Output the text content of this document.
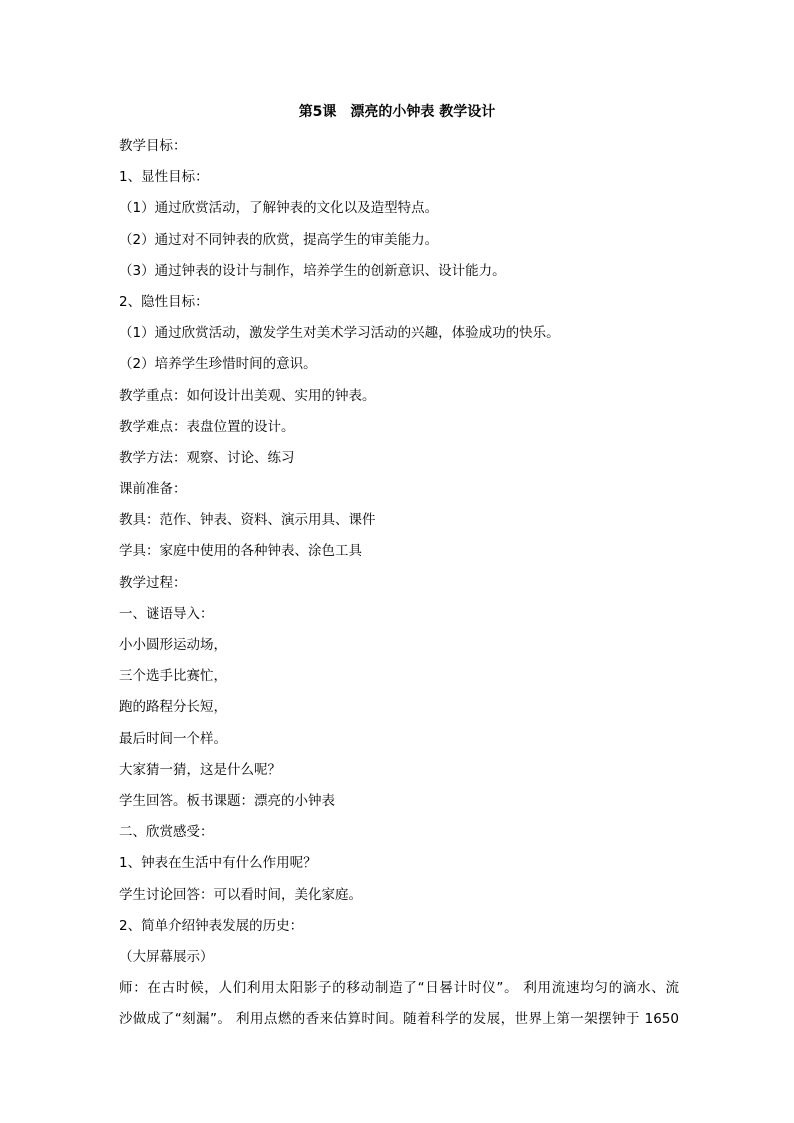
第5课　漂亮的小钟表 教学设计
教学目标：
1、显性目标：
（1）通过欣赏活动，了解钟表的文化以及造型特点。
（2）通过对不同钟表的欣赏，提高学生的审美能力。
（3）通过钟表的设计与制作，培养学生的创新意识、设计能力。
2、隐性目标：
（1）通过欣赏活动，激发学生对美术学习活动的兴趣，体验成功的快乐。
（2）培养学生珍惜时间的意识。
教学重点：如何设计出美观、实用的钟表。
教学难点：表盘位置的设计。
教学方法：观察、讨论、练习
课前准备：
教具：范作、钟表、资料、演示用具、课件
学具：家庭中使用的各种钟表、涂色工具
教学过程：
一、谜语导入：
小小圆形运动场，
三个选手比赛忙，
跑的路程分长短，
最后时间一个样。
大家猜一猜，这是什么呢？
学生回答。板书课题：漂亮的小钟表
二、欣赏感受：
1、钟表在生活中有什么作用呢？
学生讨论回答：可以看时间，美化家庭。
2、简单介绍钟表发展的历史：
（大屏幕展示）
师：在古时候，人们利用太阳影子的移动制造了“日晷计时仪”。 利用流速均匀的滴水、流
沙做成了“刻漏”。 利用点燃的香来估算时间。随着科学的发展，世界上第一架摆钟于 1650
